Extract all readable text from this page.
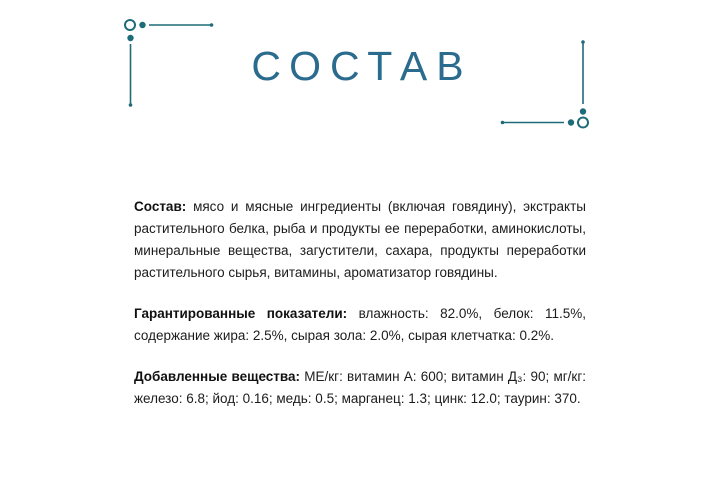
СОСТАВ

Состав: мясо и мясные ингредиенты (включая говядину), экстракты растительного белка, рыба и продукты ее переработки, аминокислоты, минеральные вещества, загустители, сахара, продукты переработки растительного сырья, витамины, ароматизатор говядины.

Гарантированные показатели: влажность: 82.0%, белок: 11.5%, содержание жира: 2.5%, сырая зола: 2.0%, сырая клетчатка: 0.2%.

Добавленные вещества: МЕ/кг: витамин А: 600; витамин Д₃: 90; мг/кг: железо: 6.8; йод: 0.16; медь: 0.5; марганец: 1.3; цинк: 12.0; таурин: 370.
